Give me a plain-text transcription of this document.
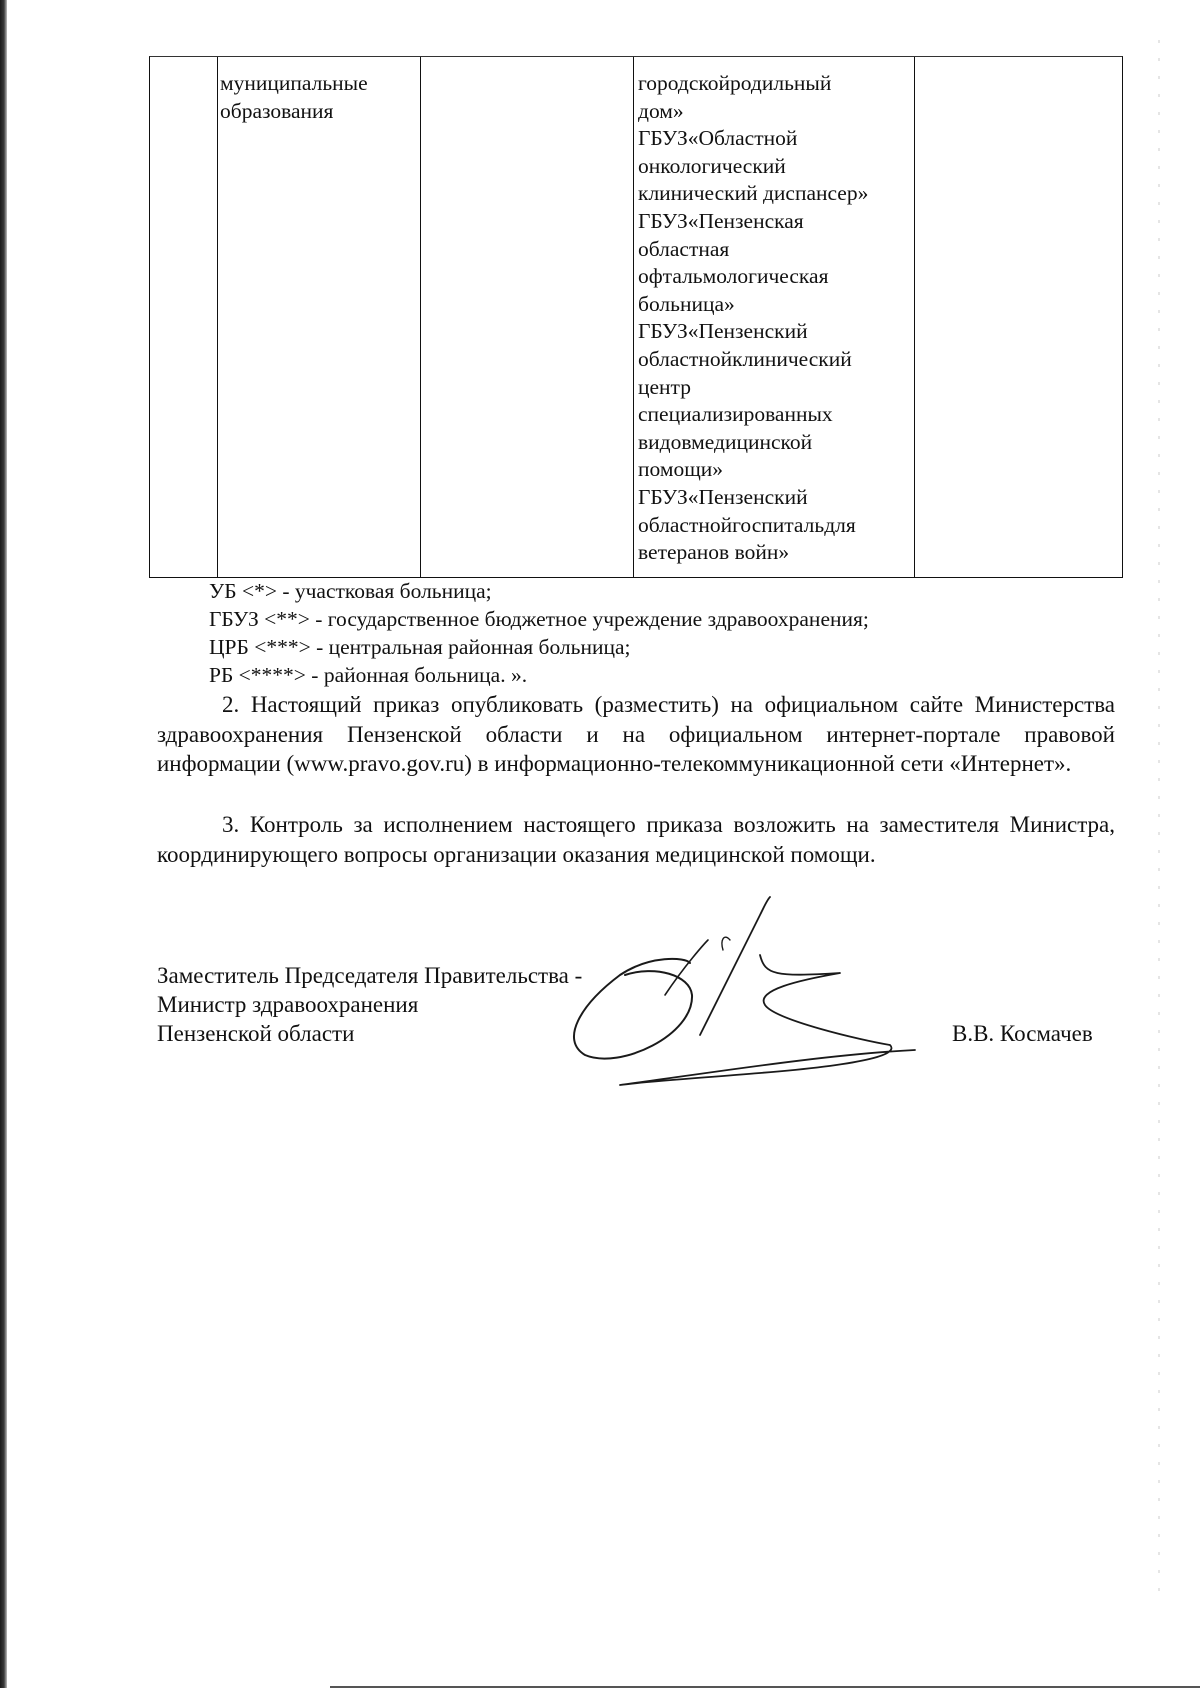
муниципальные
образования
городскойродильный
дом»
ГБУЗ«Областной
онкологический
клинический диспансер»
ГБУЗ«Пензенская
областная
офтальмологическая
больница»
ГБУЗ«Пензенский
областнойклинический
центр
специализированных
видовмедицинской
помощи»
ГБУЗ«Пензенский
областнойгоспитальдля
ветеранов войн»
УБ <*> - участковая больница;
ГБУЗ <**> - государственное бюджетное учреждение здравоохранения;
ЦРБ <***> - центральная районная больница;
РБ <****> - районная больница. ».
2. Настоящий приказ опубликовать (разместить) на официальном сайте Министерства здравоохранения Пензенской области и на официальном интернет-портале правовой информации (www.pravo.gov.ru) в информационно-телекоммуникационной сети «Интернет».
3. Контроль за исполнением настоящего приказа возложить на заместителя Министра, координирующего вопросы организации оказания медицинской помощи.
Заместитель Председателя Правительства -
Министр здравоохранения
Пензенской области	В.В. Космачев
